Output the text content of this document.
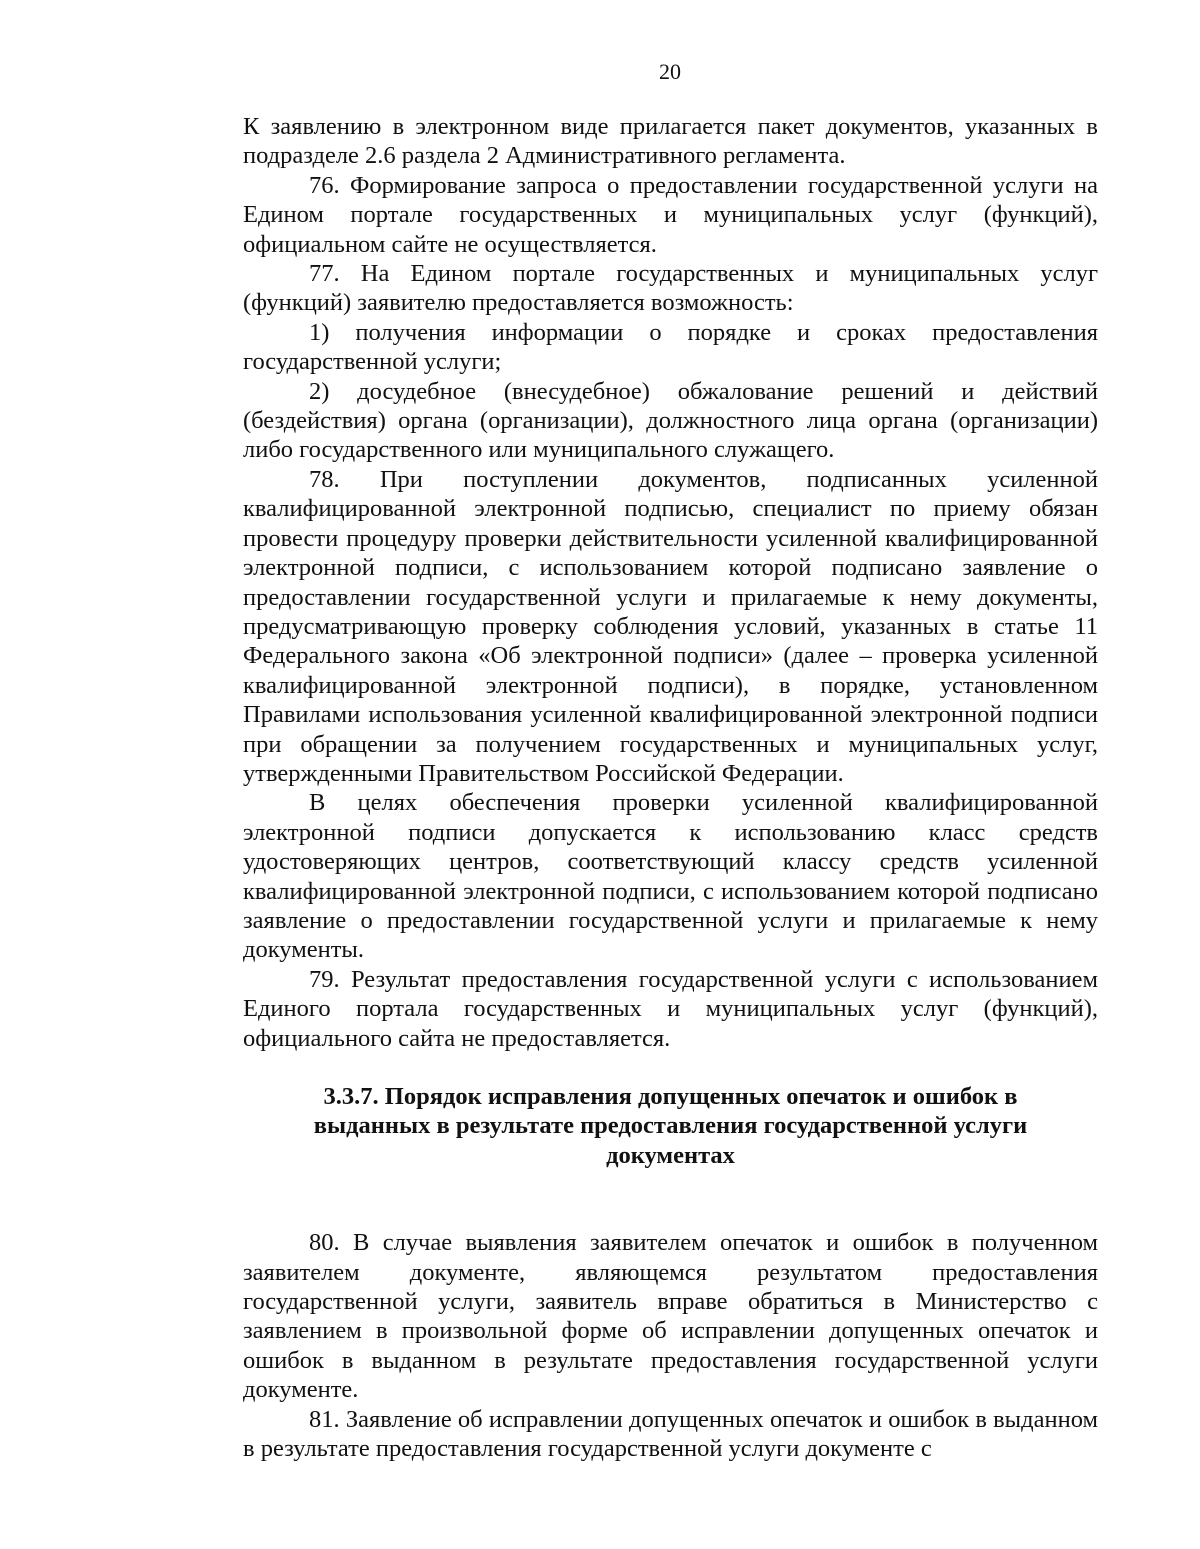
20

К заявлению в электронном виде прилагается пакет документов, указанных в подразделе 2.6 раздела 2 Административного регламента.

76. Формирование запроса о предоставлении государственной услуги на Едином портале государственных и муниципальных услуг (функций), официальном сайте не осуществляется.

77. На Едином портале государственных и муниципальных услуг (функций) заявителю предоставляется возможность:

1) получения информации о порядке и сроках предоставления государственной услуги;

2) досудебное (внесудебное) обжалование решений и действий (бездействия) органа (организации), должностного лица органа (организации) либо государственного или муниципального служащего.

78. При поступлении документов, подписанных усиленной квалифицированной электронной подписью, специалист по приему обязан провести процедуру проверки действительности усиленной квалифицированной электронной подписи, с использованием которой подписано заявление о предоставлении государственной услуги и прилагаемые к нему документы, предусматривающую проверку соблюдения условий, указанных в статье 11 Федерального закона «Об электронной подписи» (далее – проверка усиленной квалифицированной электронной подписи), в порядке, установленном Правилами использования усиленной квалифицированной электронной подписи при обращении за получением государственных и муниципальных услуг, утвержденными Правительством Российской Федерации.

В целях обеспечения проверки усиленной квалифицированной электронной подписи допускается к использованию класс средств удостоверяющих центров, соответствующий классу средств усиленной квалифицированной электронной подписи, с использованием которой подписано заявление о предоставлении государственной услуги и прилагаемые к нему документы.

79. Результат предоставления государственной услуги с использованием Единого портала государственных и муниципальных услуг (функций), официального сайта не предоставляется.

3.3.7. Порядок исправления допущенных опечаток и ошибок в
выданных в результате предоставления государственной услуги
документах

80. В случае выявления заявителем опечаток и ошибок в полученном заявителем документе, являющемся результатом предоставления государственной услуги, заявитель вправе обратиться в Министерство с заявлением в произвольной форме об исправлении допущенных опечаток и ошибок в выданном в результате предоставления государственной услуги документе.

81. Заявление об исправлении допущенных опечаток и ошибок в выданном в результате предоставления государственной услуги документе с
